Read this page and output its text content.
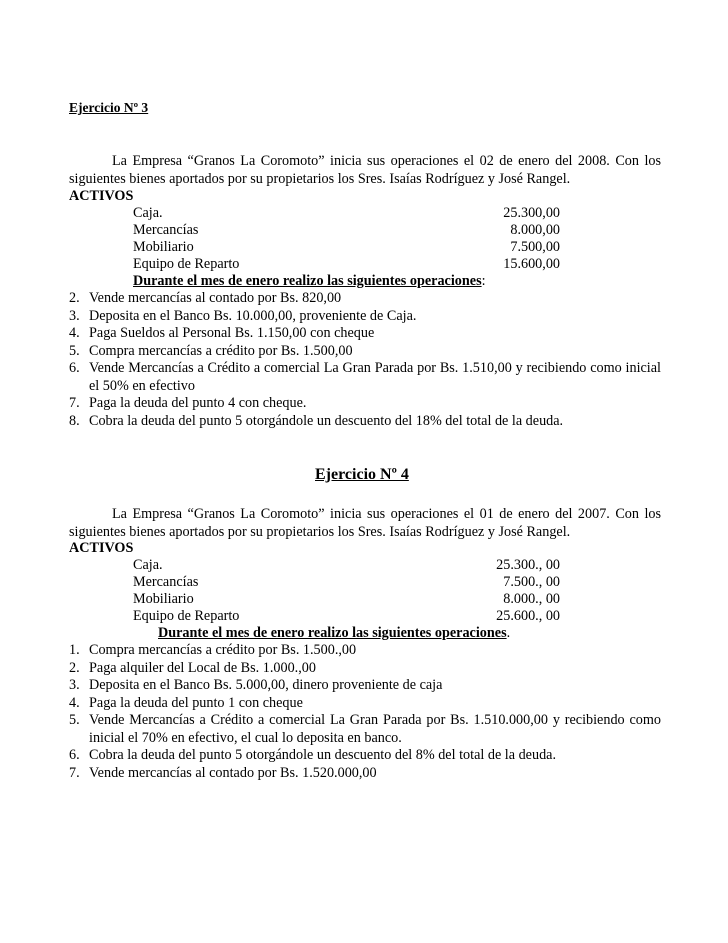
Ejercicio Nº 3

La Empresa “Granos La Coromoto” inicia sus operaciones el 02 de enero del 2008. Con los siguientes bienes aportados por su propietarios los Sres. Isaías Rodríguez y José Rangel.

ACTIVOS
Caja.	25.300,00
Mercancías	8.000,00
Mobiliario	7.500,00
Equipo de Reparto	15.600,00
Durante el mes de enero realizo las siguientes operaciones:
2. Vende mercancías al contado por Bs. 820,00
3. Deposita en el Banco Bs. 10.000,00, proveniente de Caja.
4. Paga Sueldos al Personal Bs. 1.150,00 con cheque
5. Compra mercancías a crédito por Bs. 1.500,00
6. Vende Mercancías a Crédito a comercial La Gran Parada por Bs. 1.510,00 y recibiendo como inicial el 50% en efectivo
7. Paga la deuda del punto 4 con cheque.
8. Cobra la deuda del punto 5 otorgándole un descuento del 18% del total de la deuda.
Ejercicio Nº 4

La Empresa “Granos La Coromoto” inicia sus operaciones el 01 de enero del 2007. Con los siguientes bienes aportados por su propietarios los Sres. Isaías Rodríguez y José Rangel.

ACTIVOS
Caja.	25.300., 00
Mercancías	7.500., 00
Mobiliario	8.000., 00
Equipo de Reparto	25.600., 00
Durante el mes de enero realizo las siguientes operaciones.
1. Compra mercancías a crédito por Bs. 1.500.,00
2. Paga alquiler del Local de Bs. 1.000.,00
3. Deposita en el Banco Bs. 5.000,00, dinero proveniente de caja
4. Paga la deuda del punto 1 con cheque
5. Vende Mercancías a Crédito a comercial La Gran Parada por Bs. 1.510.000,00 y recibiendo como inicial el 70% en efectivo, el cual lo deposita en banco.
6. Cobra la deuda del punto 5 otorgándole un descuento del 8% del total de la deuda.
7. Vende mercancías al contado por Bs. 1.520.000,00
